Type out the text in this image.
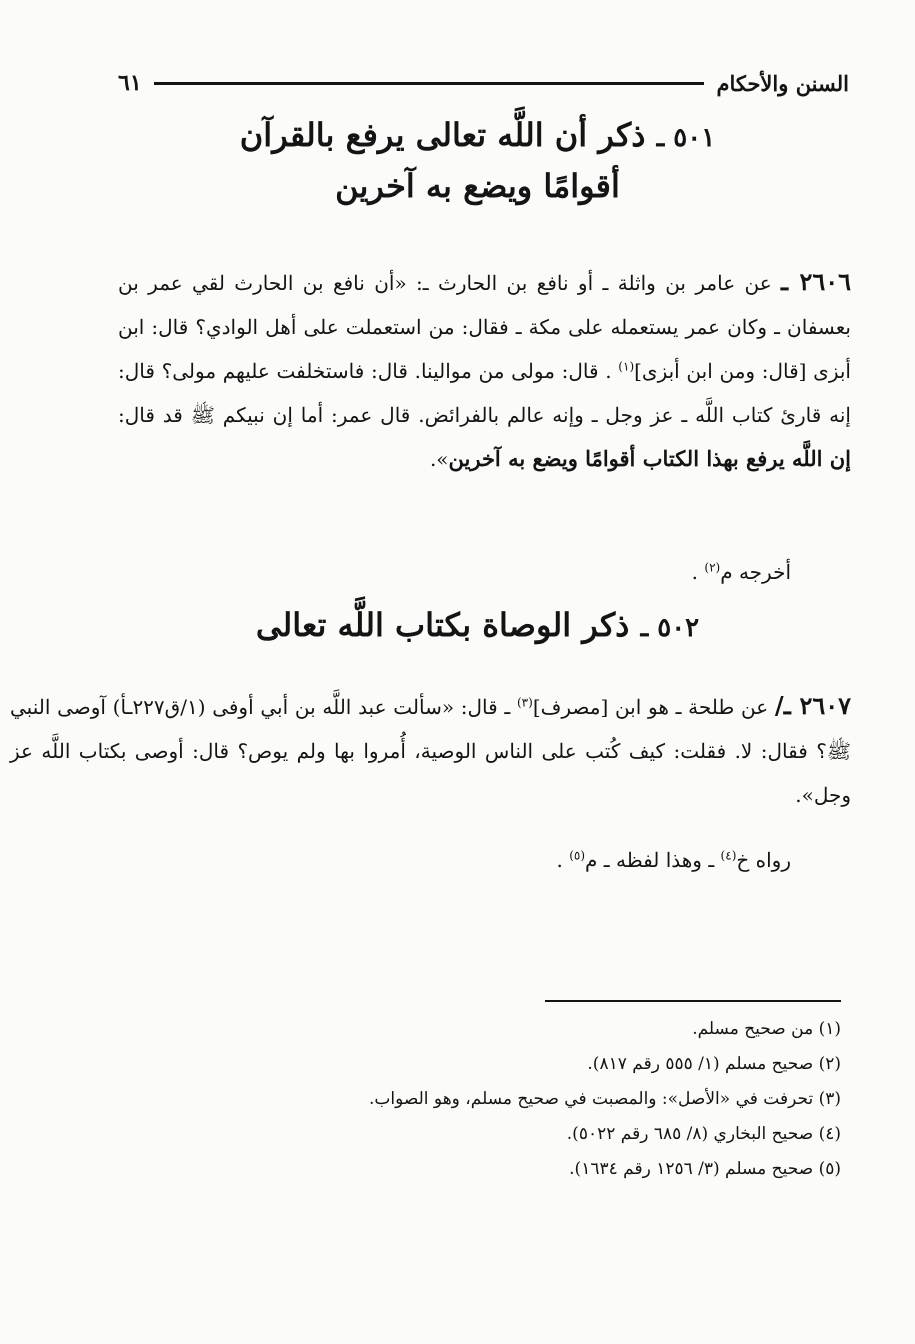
السنن والأحكام
٦١
٥٠١ ـ ذكر أن اللَّه تعالى يرفع بالقرآن
أقوامًا ويضع به آخرين

٢٦٠٦ ـ عن عامر بن واثلة ـ أو نافع بن الحارث ـ: «أن نافع بن الحارث لقي عمر بن بعسفان ـ وكان عمر يستعمله على مكة ـ فقال: من استعملت على أهل الوادي؟ قال: ابن أبزى [قال: ومن ابن أبزى]$^{(١)}$ . قال: مولى من موالينا. قال: فاستخلفت عليهم مولى؟ قال: إنه قارئ كتاب اللَّه ـ عز وجل ـ وإنه عالم بالفرائض. قال عمر: أما إن نبيكم ﷺ قد قال: إن اللَّه يرفع بهذا الكتاب أقوامًا ويضع به آخرين».

أخرجه م$^{(٢)}$ .
٥٠٢ ـ ذكر الوصاة بكتاب اللَّه تعالى

٢٦٠٧ ـ/ عن طلحة ـ هو ابن [مصرف]$^{(٣)}$ ـ قال: «سألت عبد اللَّه بن أبي أوفى (١/ق٢٢٧ـأ) آوصى النبي ﷺ؟ فقال: لا. فقلت: كيف كُتب على الناس الوصية، أُمروا بها ولم يوص؟ قال: أوصى بكتاب اللَّه عز وجل».

رواه خ$^{(٤)}$ ـ وهذا لفظه ـ م$^{(٥)}$ .
(١) من صحيح مسلم.
(٢) صحيح مسلم (١/ ٥٥٥ رقم ٨١٧).
(٣) تحرفت في «الأصل»: والمصبت في صحيح مسلم، وهو الصواب.
(٤) صحيح البخاري (٨/ ٦٨٥ رقم ٥٠٢٢).
(٥) صحيح مسلم (٣/ ١٢٥٦ رقم ١٦٣٤).
